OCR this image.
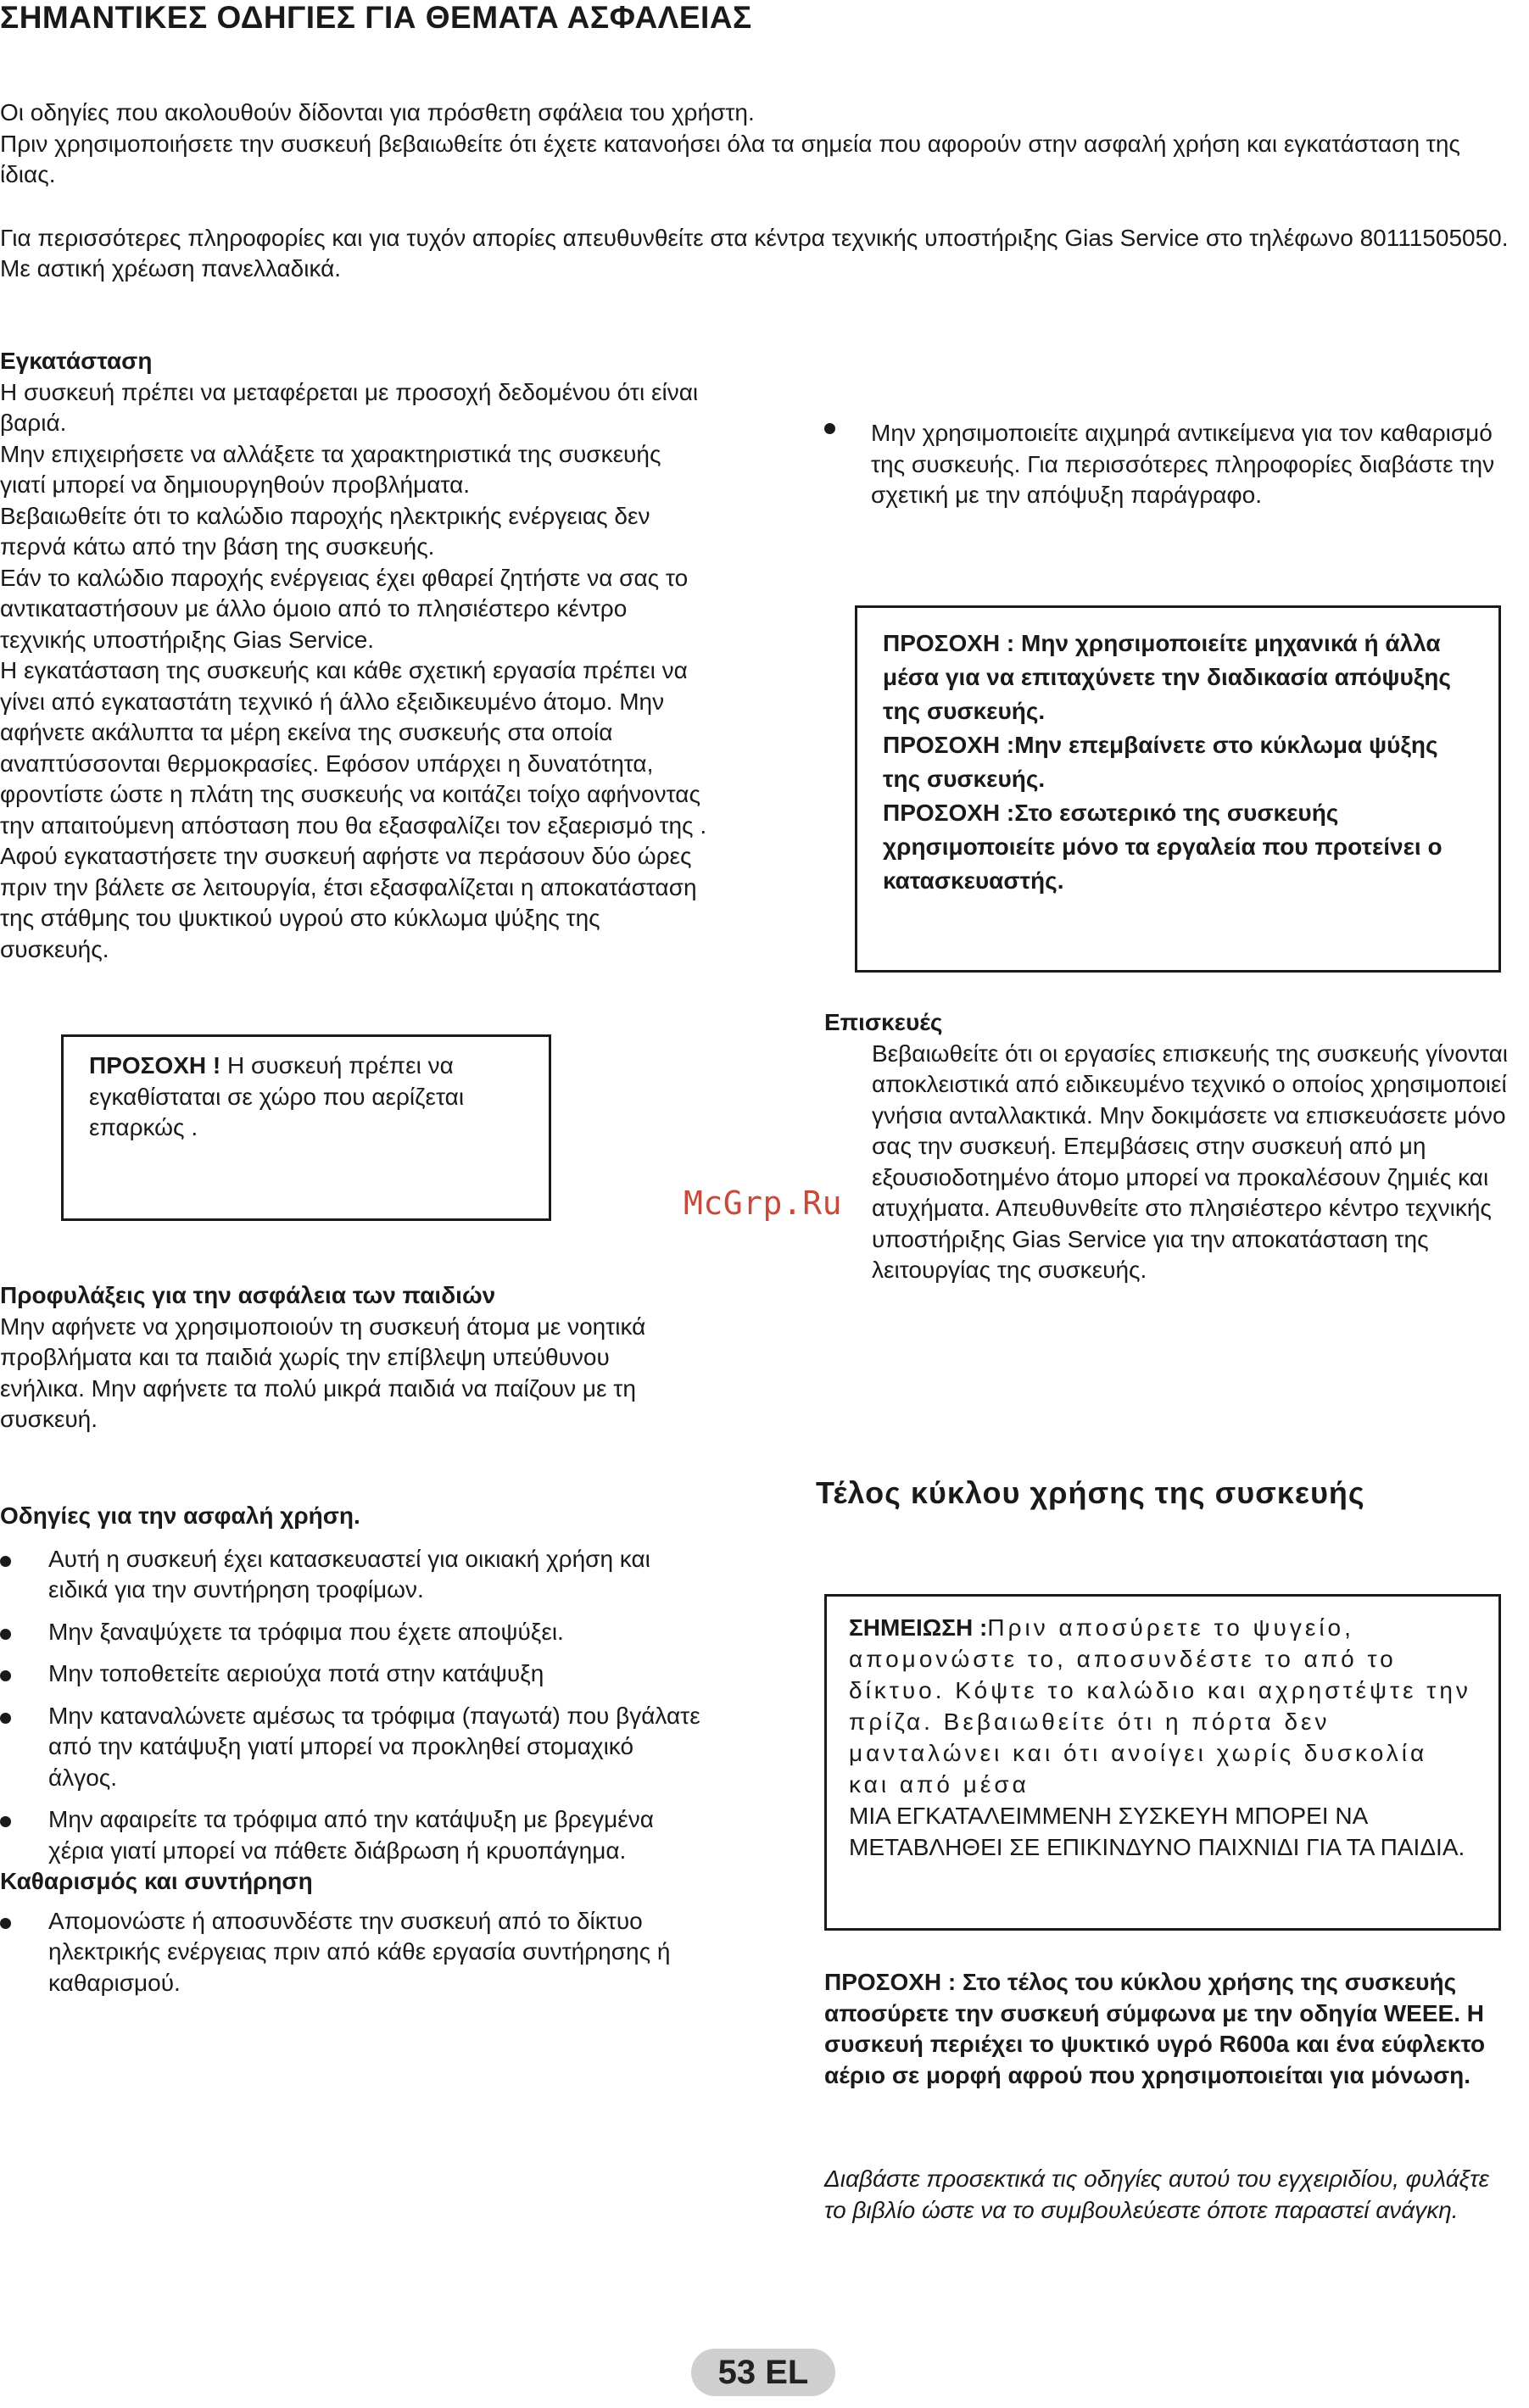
ΣΗΜΑΝΤΙΚΕΣ ΟΔΗΓΙΕΣ ΓΙΑ ΘΕΜΑΤΑ ΑΣΦΑΛΕΙΑΣ

Οι οδηγίες που ακολουθούν δίδονται για πρόσθετη σφάλεια του χρήστη.

Πριν χρησιμοποιήσετε την συσκευή βεβαιωθείτε ότι έχετε κατανοήσει όλα τα σημεία που αφορούν στην ασφαλή χρήση και εγκατάσταση της ίδιας.

Για περισσότερες πληροφορίες και για τυχόν απορίες απευθυνθείτε στα κέντρα τεχνικής υποστήριξης Gias Service στο τηλέφωνο 80111505050. Με αστική χρέωση πανελλαδικά.

Εγκατάσταση

Η συσκευή πρέπει να μεταφέρεται με προσοχή δεδομένου ότι είναι βαριά.
Μην επιχειρήσετε να αλλάξετε τα χαρακτηριστικά της συσκευής γιατί μπορεί να δημιουργηθούν προβλήματα.
Βεβαιωθείτε ότι το καλώδιο παροχής ηλεκτρικής ενέργειας δεν περνά κάτω από την βάση της συσκευής.
Εάν το καλώδιο παροχής ενέργειας έχει φθαρεί ζητήστε να σας το αντικαταστήσουν με άλλο όμοιο από το πλησιέστερο κέντρο τεχνικής υποστήριξης Gias Service.
Η εγκατάσταση της συσκευής και κάθε σχετική εργασία πρέπει να γίνει από εγκαταστάτη τεχνικό ή άλλο εξειδικευμένο άτομο. Μην αφήνετε ακάλυπτα τα μέρη εκείνα της συσκευής στα οποία αναπτύσσονται θερμοκρασίες. Εφόσον υπάρχει η δυνατότητα, φροντίστε ώστε η πλάτη της συσκευής να κοιτάζει τοίχο αφήνοντας την απαιτούμενη απόσταση που θα εξασφαλίζει τον εξαερισμό της . Αφού εγκαταστήσετε την συσκευή αφήστε να περάσουν δύο ώρες πριν την βάλετε σε λειτουργία, έτσι εξασφαλίζεται η αποκατάσταση της στάθμης του ψυκτικού υγρού στο κύκλωμα ψύξης της συσκευής.

ΠΡΟΣΟΧΗ ! Η συσκευή πρέπει να εγκαθίσταται σε χώρο που αερίζεται επαρκώς .

Προφυλάξεις για την ασφάλεια των παιδιών

Μην αφήνετε να χρησιμοποιούν τη συσκευή άτομα με νοητικά προβλήματα και τα παιδιά χωρίς την επίβλεψη υπεύθυνου ενήλικα. Μην αφήνετε τα πολύ μικρά παιδιά να παίζουν με τη συσκευή.

Οδηγίες για την ασφαλή χρήση.

Αυτή η συσκευή έχει κατασκευαστεί για οικιακή χρήση και ειδικά για την συντήρηση τροφίμων.
Μην ξαναψύχετε τα τρόφιμα που έχετε αποψύξει.
Μην τοποθετείτε αεριούχα ποτά στην κατάψυξη
Μην καταναλώνετε αμέσως τα τρόφιμα (παγωτά) που βγάλατε από την κατάψυξη γιατί μπορεί να προκληθεί στομαχικό άλγος.
Μην αφαιρείτε τα τρόφιμα από την κατάψυξη με βρεγμένα χέρια γιατί μπορεί να πάθετε διάβρωση ή κρυοπάγημα.

Καθαρισμός και συντήρηση

Απομονώστε ή αποσυνδέστε την συσκευή από το δίκτυο ηλεκτρικής ενέργειας πριν από κάθε εργασία συντήρησης ή καθαρισμού.
Μην χρησιμοποιείτε αιχμηρά αντικείμενα για τον καθαρισμό της συσκευής. Για περισσότερες πληροφορίες διαβάστε την σχετική με την απόψυξη παράγραφο.

ΠΡΟΣΟΧΗ : Μην χρησιμοποιείτε μηχανικά ή άλλα μέσα για να επιταχύνετε την διαδικασία απόψυξης της συσκευής.

ΠΡΟΣΟΧΗ :Μην επεμβαίνετε στο κύκλωμα ψύξης της συσκευής.

ΠΡΟΣΟΧΗ :Στο εσωτερικό της συσκευής χρησιμοποιείτε μόνο τα εργαλεία που προτείνει ο κατασκευαστής.

Επισκευές

Βεβαιωθείτε ότι οι εργασίες επισκευής της συσκευής γίνονται αποκλειστικά από ειδικευμένο τεχνικό ο οποίος χρησιμοποιεί γνήσια ανταλλακτικά. Μην δοκιμάσετε να επισκευάσετε μόνο σας την συσκευή. Επεμβάσεις στην συσκευή από μη εξουσιοδοτημένο άτομο μπορεί να προκαλέσουν ζημιές και ατυχήματα. Απευθυνθείτε στο πλησιέστερο κέντρο τεχνικής υποστήριξης Gias Service για την αποκατάσταση της λειτουργίας της συσκευής.

McGrp.Ru
Τέλος κύκλου χρήσης της συσκευής

ΣΗΜΕΙΩΣΗ :Πριν αποσύρετε το ψυγείο, απομονώστε το, αποσυνδέστε το από το δίκτυο. Κόψτε το καλώδιο και αχρηστέψτε την πρίζα. Βεβαιωθείτε ότι η πόρτα δεν μανταλώνει και ότι ανοίγει χωρίς δυσκολία και από μέσα

ΜΙΑ ΕΓΚΑΤΑΛΕΙΜΜΕΝΗ ΣΥΣΚΕΥΗ ΜΠΟΡΕΙ ΝΑ ΜΕΤΑΒΛΗΘΕΙ ΣΕ ΕΠΙΚΙΝΔΥΝΟ ΠΑΙΧΝΙΔΙ ΓΙΑ ΤΑ ΠΑΙΔΙΑ.

ΠΡΟΣΟΧΗ : Στο τέλος του κύκλου χρήσης της συσκευής αποσύρετε την συσκευή σύμφωνα με την οδηγία WEEE. Η συσκευή περιέχει το ψυκτικό υγρό R600a και ένα εύφλεκτο αέριο σε μορφή αφρού που χρησιμοποιείται για μόνωση.

Διαβάστε προσεκτικά τις οδηγίες αυτού του εγχειριδίου, φυλάξτε το βιβλίο ώστε να το συμβουλεύεστε όποτε παραστεί ανάγκη.

53 EL
